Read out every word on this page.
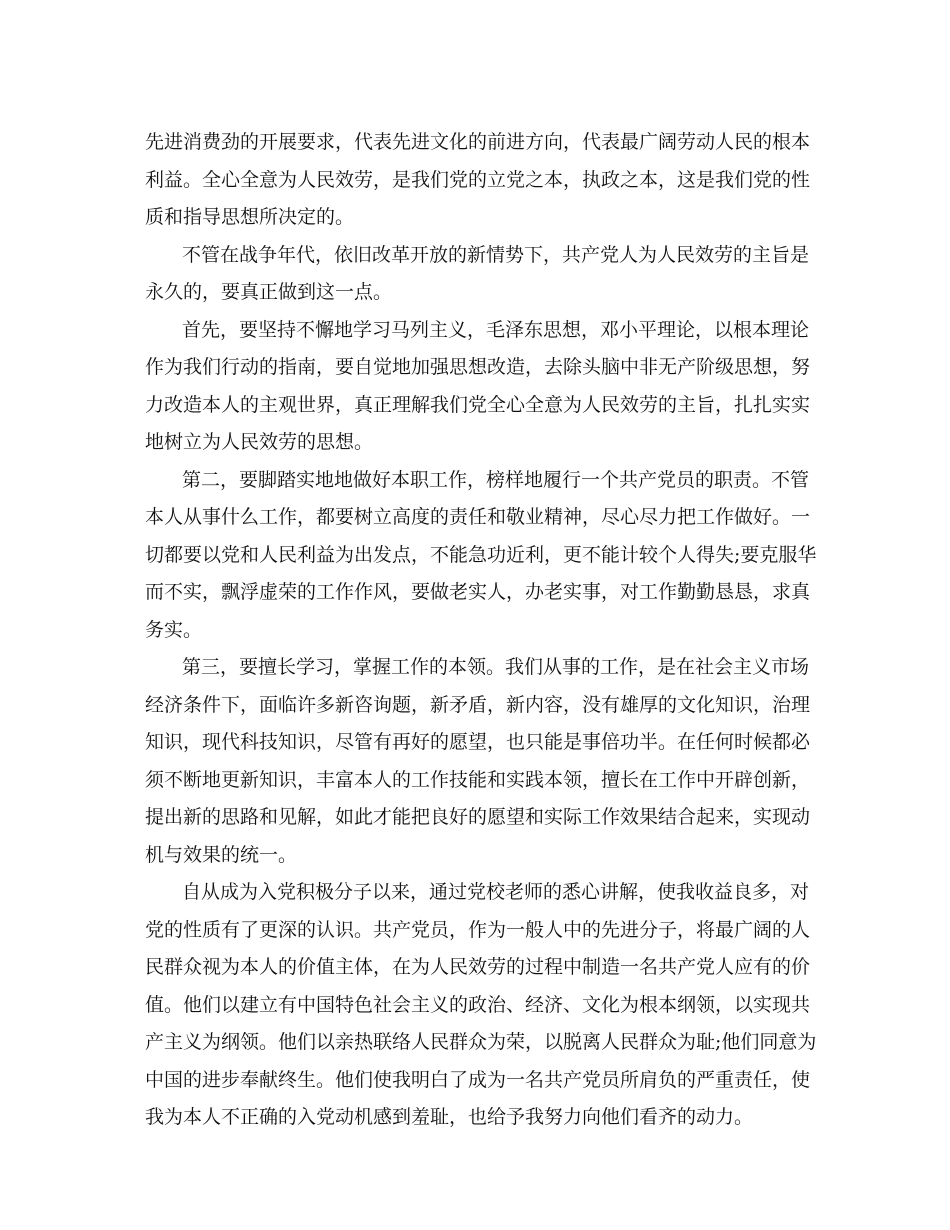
先进消费劲的开展要求，代表先进文化的前进方向，代表最广阔劳动人民的根本
利益。全心全意为人民效劳，是我们党的立党之本，执政之本，这是我们党的性
质和指导思想所决定的。

不管在战争年代，依旧改革开放的新情势下，共产党人为人民效劳的主旨是
永久的，要真正做到这一点。

首先，要坚持不懈地学习马列主义，毛泽东思想，邓小平理论，以根本理论
作为我们行动的指南，要自觉地加强思想改造，去除头脑中非无产阶级思想，努
力改造本人的主观世界，真正理解我们党全心全意为人民效劳的主旨，扎扎实实
地树立为人民效劳的思想。

第二，要脚踏实地地做好本职工作，榜样地履行一个共产党员的职责。不管
本人从事什么工作，都要树立高度的责任和敬业精神，尽心尽力把工作做好。一
切都要以党和人民利益为出发点，不能急功近利，更不能计较个人得失;要克服华
而不实，飘浮虚荣的工作作风，要做老实人，办老实事，对工作勤勤恳恳，求真
务实。

第三，要擅长学习，掌握工作的本领。我们从事的工作，是在社会主义市场
经济条件下，面临许多新咨询题，新矛盾，新内容，没有雄厚的文化知识，治理
知识，现代科技知识，尽管有再好的愿望，也只能是事倍功半。在任何时候都必
须不断地更新知识，丰富本人的工作技能和实践本领，擅长在工作中开辟创新，
提出新的思路和见解，如此才能把良好的愿望和实际工作效果结合起来，实现动
机与效果的统一。

自从成为入党积极分子以来，通过党校老师的悉心讲解，使我收益良多，对
党的性质有了更深的认识。共产党员，作为一般人中的先进分子，将最广阔的人
民群众视为本人的价值主体，在为人民效劳的过程中制造一名共产党人应有的价
值。他们以建立有中国特色社会主义的政治、经济、文化为根本纲领，以实现共
产主义为纲领。他们以亲热联络人民群众为荣，以脱离人民群众为耻;他们同意为
中国的进步奉献终生。他们使我明白了成为一名共产党员所肩负的严重责任，使
我为本人不正确的入党动机感到羞耻，也给予我努力向他们看齐的动力。
